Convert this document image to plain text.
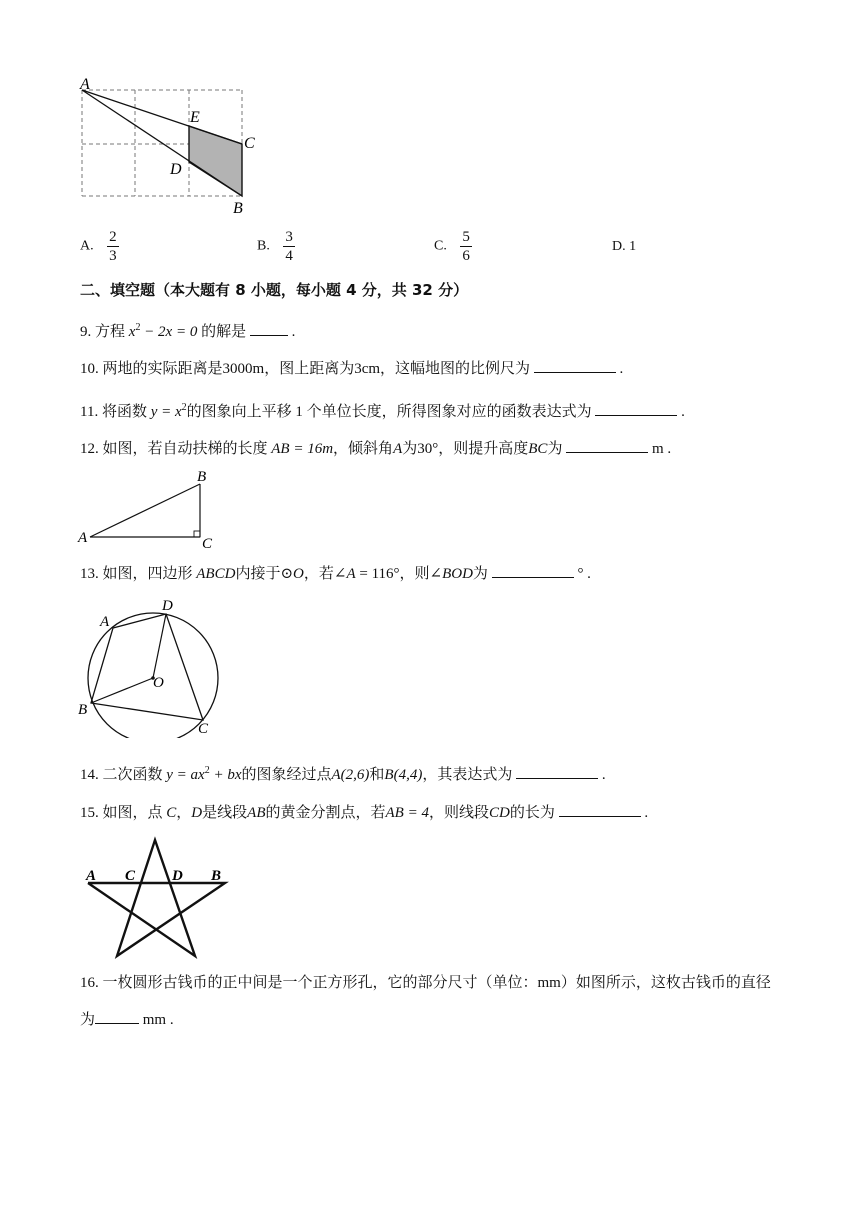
A
E
C
D
B
A. $\frac{2}{3}$	B. $\frac{3}{4}$	C. $\frac{5}{6}$	D. 1
二、填空题（本大题有 8 小题，每小题 4 分，共 32 分）
9. 方程 $x^2 - 2x = 0$ 的解是	.
10. 两地的实际距离是3000m，图上距离为3cm，这幅地图的比例尺为	.
11. 将函数 $y = x^2$的图象向上平移 1 个单位长度，所得图象对应的函数表达式为	.
12. 如图，若自动扶梯的长度 AB = 16m，倾斜角A为30°，则提升高度BC为	m .
A
B
C
13. 如图，四边形 ABCD内接于⊙O，若∠A = 116°，则∠BOD为	° .
A
D
O
B
C
14. 二次函数 $y = ax^2$ + bx的图象经过点A(2,6)和B(4,4)，其表达式为	.
15. 如图，点 C，D是线段AB的黄金分割点，若AB = 4，则线段CD的长为	.
A C D B
16. 一枚圆形古钱币的正中间是一个正方形孔，它的部分尺寸（单位：mm）如图所示，这枚古钱币的直径
为	mm .
